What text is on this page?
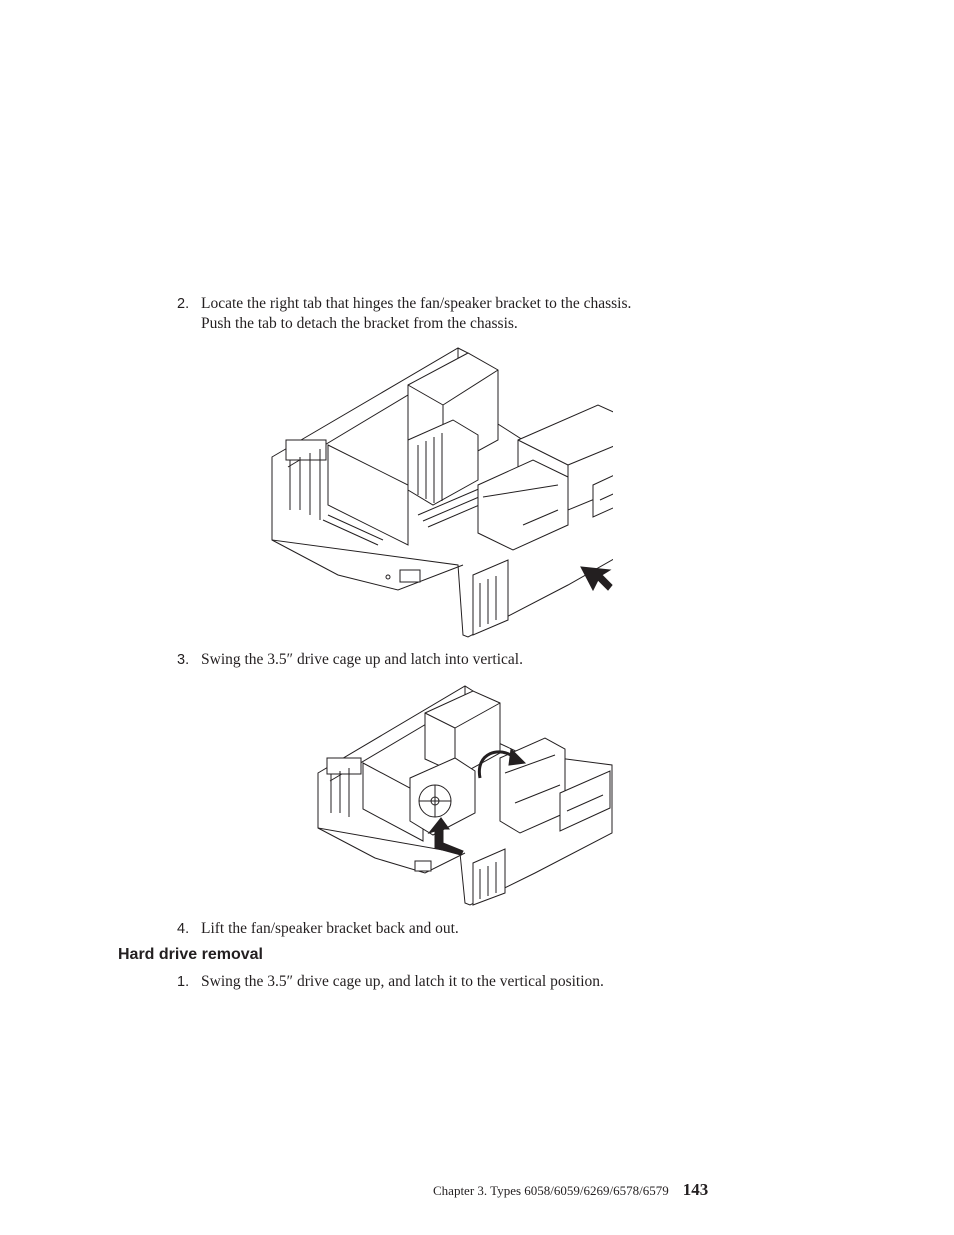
2. Locate the right tab that hinges the fan/speaker bracket to the chassis.
Push the tab to detach the bracket from the chassis.
3. Swing the 3.5″ drive cage up and latch into vertical.
4. Lift the fan/speaker bracket back and out.
Hard drive removal
1. Swing the 3.5″ drive cage up, and latch it to the vertical position.
Chapter 3. Types 6058/6059/6269/6578/6579 143
